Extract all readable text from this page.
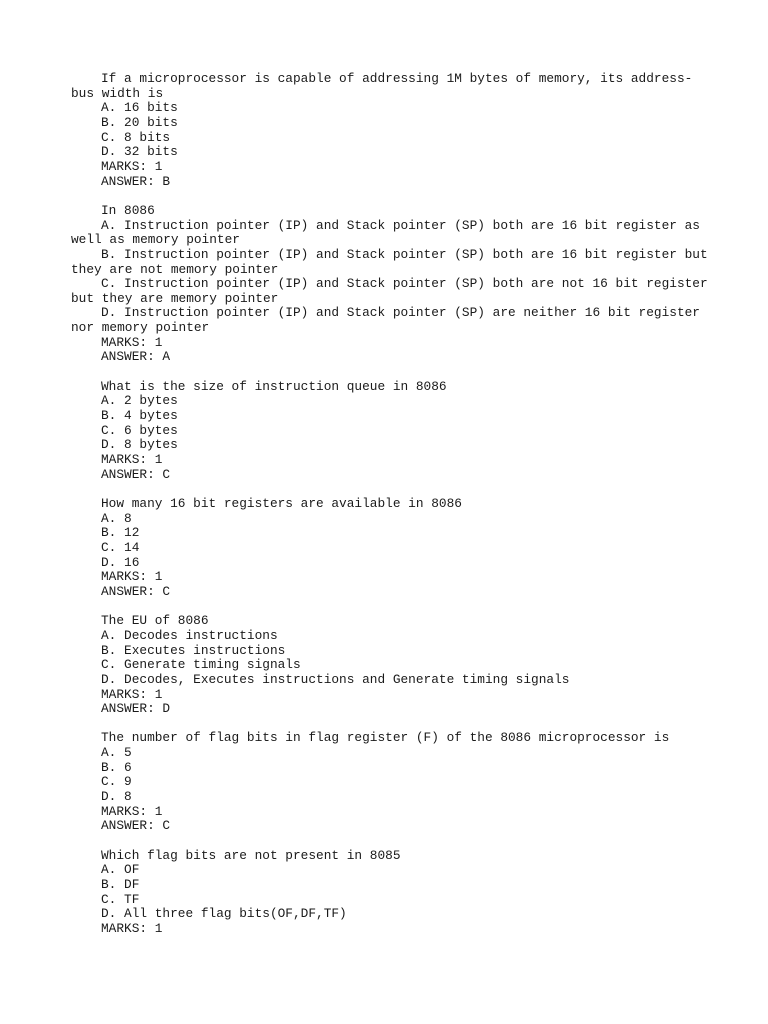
If a microprocessor is capable of addressing 1M bytes of memory, its address-bus width is
A. 16 bits
B. 20 bits
C. 8 bits
D. 32 bits
MARKS: 1
ANSWER: B
In 8086
A. Instruction pointer (IP) and Stack pointer (SP) both are 16 bit register as well as memory pointer
B. Instruction pointer (IP) and Stack pointer (SP) both are 16 bit register but they are not memory pointer
C. Instruction pointer (IP) and Stack pointer (SP) both are not 16 bit register but they are memory pointer
D. Instruction pointer (IP) and Stack pointer (SP) are neither 16 bit register nor memory pointer
MARKS: 1
ANSWER: A
What is the size of instruction queue in 8086
A. 2 bytes
B. 4 bytes
C. 6 bytes
D. 8 bytes
MARKS: 1
ANSWER: C
How many 16 bit registers are available in 8086
A. 8
B. 12
C. 14
D. 16
MARKS: 1
ANSWER: C
The EU of 8086
A. Decodes instructions
B. Executes instructions
C. Generate timing signals
D. Decodes, Executes instructions and Generate timing signals
MARKS: 1
ANSWER: D
The number of flag bits in flag register (F) of the 8086 microprocessor is
A. 5
B. 6
C. 9
D. 8
MARKS: 1
ANSWER: C
Which flag bits are not present in 8085
A. OF
B. DF
C. TF
D. All three flag bits(OF,DF,TF)
MARKS: 1
